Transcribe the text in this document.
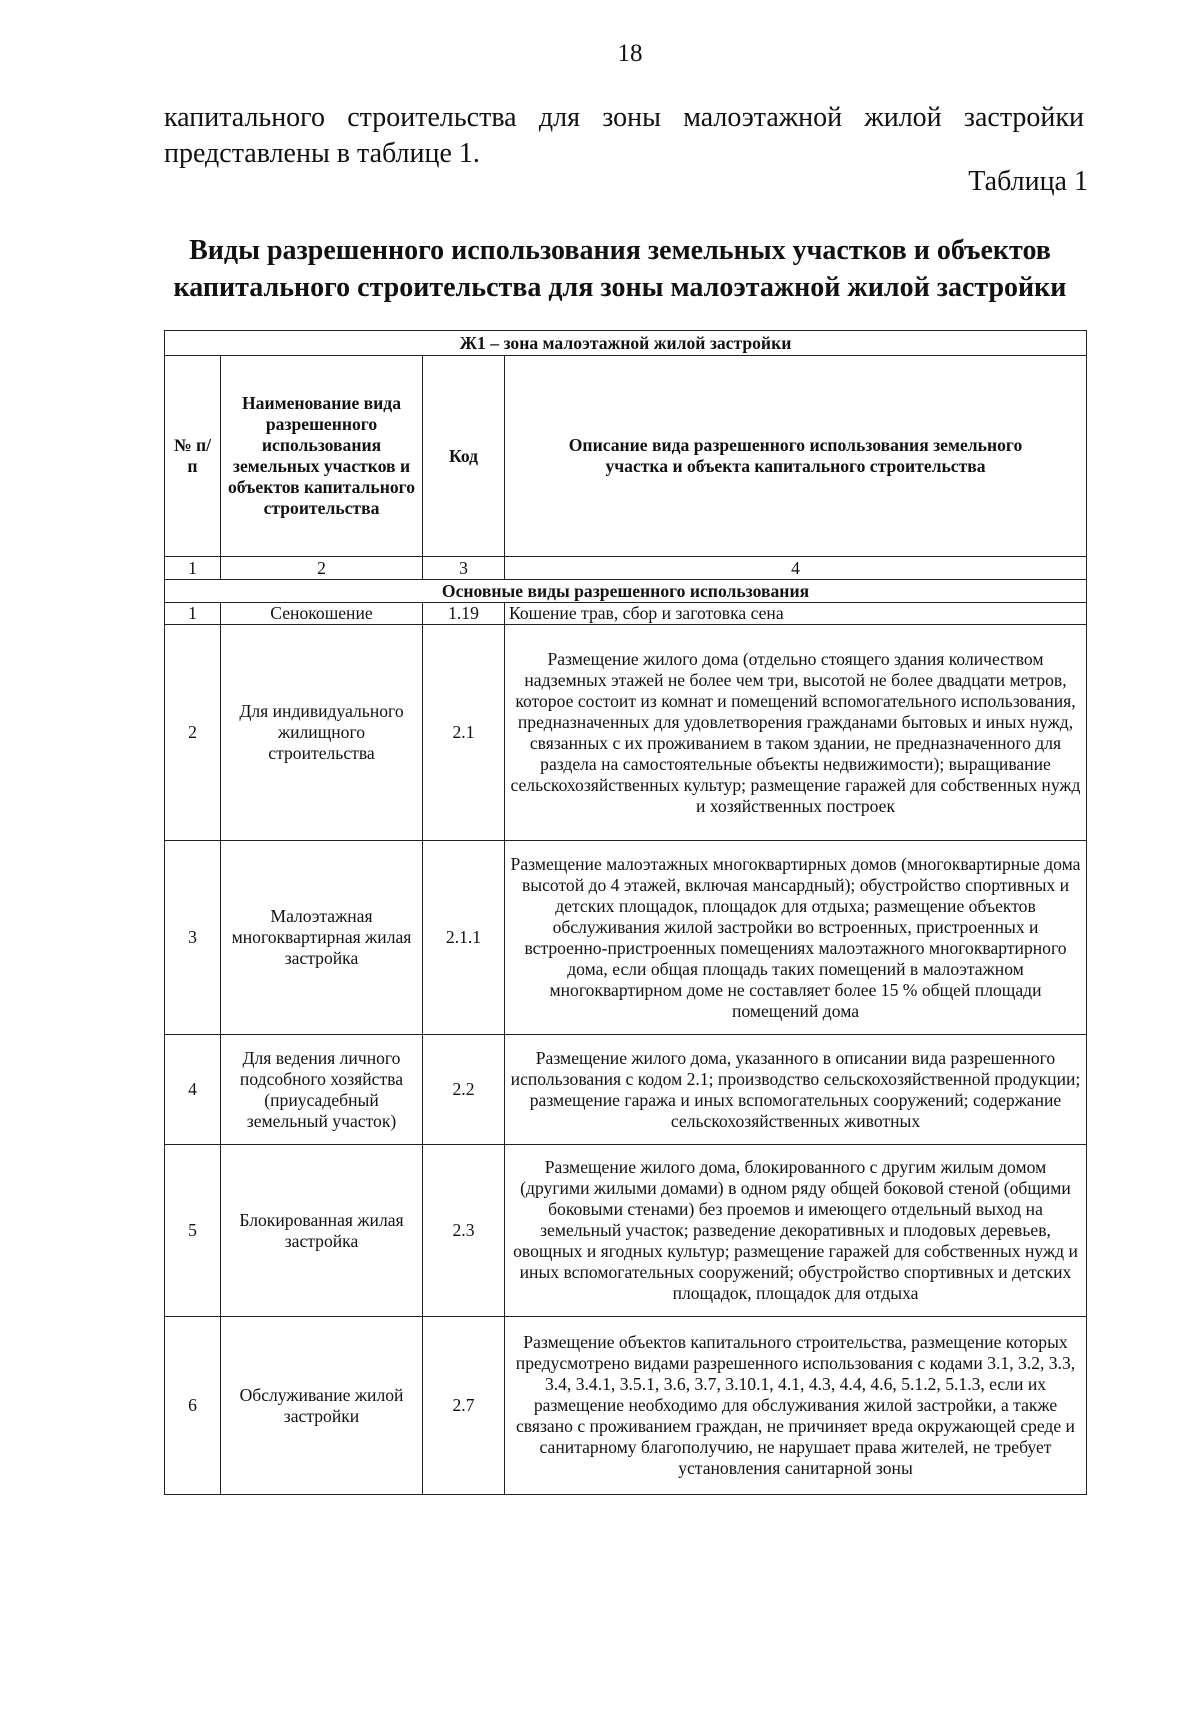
18
капитального строительства для зоны малоэтажной жилой застройки
представлены в таблице 1.
Таблица 1
Виды разрешенного использования земельных участков и объектов
капитального строительства для зоны малоэтажной жилой застройки
Ж1 – зона малоэтажной жилой застройки			
№ п/п	Наименование вида разрешенного использования земельных участков и объектов капитального строительства	Код	Описание вида разрешенного использования земельного участка и объекта капитального строительства
1	2	3	4
Основные виды разрешенного использования			
1	Сенокошение	1.19	Кошение трав, сбор и заготовка сена
2	Для индивидуального жилищного строительства	2.1	Размещение жилого дома (отдельно стоящего здания количеством надземных этажей не более чем три, высотой не более двадцати метров, которое состоит из комнат и помещений вспомогательного использования, предназначенных для удовлетворения гражданами бытовых и иных нужд, связанных с их проживанием в таком здании, не предназначенного для раздела на самостоятельные объекты недвижимости); выращивание сельскохозяйственных культур; размещение гаражей для собственных нужд и хозяйственных построек
3	Малоэтажная многоквартирная жилая застройка	2.1.1	Размещение малоэтажных многоквартирных домов (многоквартирные дома высотой до 4 этажей, включая мансардный); обустройство спортивных и детских площадок, площадок для отдыха; размещение объектов обслуживания жилой застройки во встроенных, пристроенных и встроенно-пристроенных помещениях малоэтажного многоквартирного дома, если общая площадь таких помещений в малоэтажном многоквартирном доме не составляет более 15 % общей площади помещений дома
4	Для ведения личного подсобного хозяйства (приусадебный земельный участок)	2.2	Размещение жилого дома, указанного в описании вида разрешенного использования с кодом 2.1; производство сельскохозяйственной продукции; размещение гаража и иных вспомогательных сооружений; содержание сельскохозяйственных животных
5	Блокированная жилая застройка	2.3	Размещение жилого дома, блокированного с другим жилым домом (другими жилыми домами) в одном ряду общей боковой стеной (общими боковыми стенами) без проемов и имеющего отдельный выход на земельный участок; разведение декоративных и плодовых деревьев, овощных и ягодных культур; размещение гаражей для собственных нужд и иных вспомогательных сооружений; обустройство спортивных и детских площадок, площадок для отдыха
6	Обслуживание жилой застройки	2.7	Размещение объектов капитального строительства, размещение которых предусмотрено видами разрешенного использования с кодами 3.1, 3.2, 3.3, 3.4, 3.4.1, 3.5.1, 3.6, 3.7, 3.10.1, 4.1, 4.3, 4.4, 4.6, 5.1.2, 5.1.3, если их размещение необходимо для обслуживания жилой застройки, а также связано с проживанием граждан, не причиняет вреда окружающей среде и санитарному благополучию, не нарушает права жителей, не требует установления санитарной зоны
